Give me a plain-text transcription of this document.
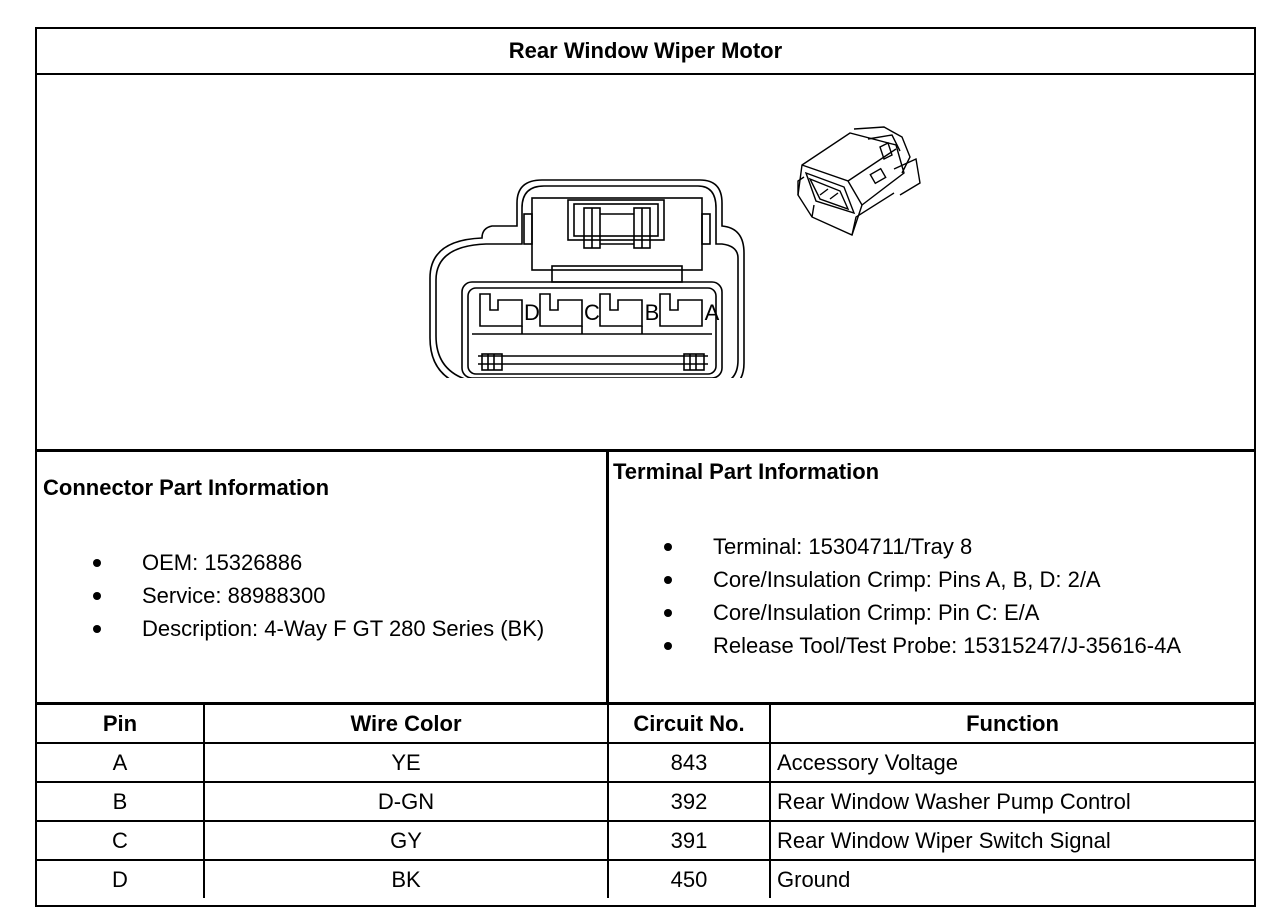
Rear Window Wiper Motor
D C B A
Connector Part Information
OEM: 15326886
Service: 88988300
Description: 4-Way F GT 280 Series (BK)
Terminal Part Information
Terminal: 15304711/Tray 8
Core/Insulation Crimp: Pins A, B, D: 2/A
Core/Insulation Crimp: Pin C: E/A
Release Tool/Test Probe: 15315247/J-35616-4A
Pin	Wire Color	Circuit No.	Function
A	YE	843	Accessory Voltage
B	D-GN	392	Rear Window Washer Pump Control
C	GY	391	Rear Window Wiper Switch Signal
D	BK	450	Ground
